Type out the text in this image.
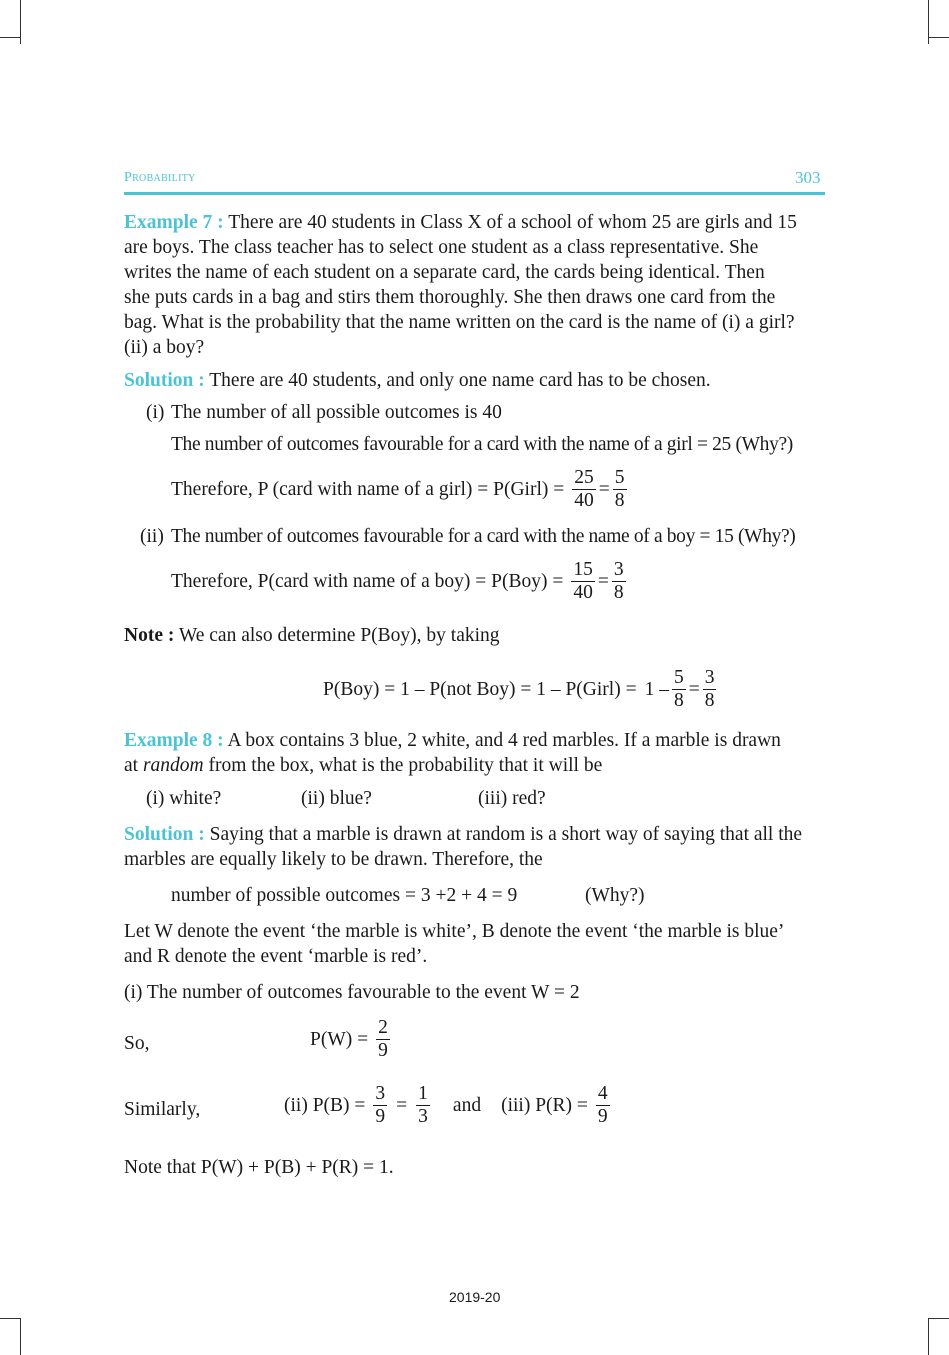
Probability	303
Example 7 : There are 40 students in Class X of a school of whom 25 are girls and 15
are boys. The class teacher has to select one student as a class representative. She
writes the name of each student on a separate card, the cards being identical. Then
she puts cards in a bag and stirs them thoroughly. She then draws one card from the
bag. What is the probability that the name written on the card is the name of (i) a girl?
(ii) a boy?
Solution : There are 40 students, and only one name card has to be chosen.
(i) The number of all possible outcomes is 40
The number of outcomes favourable for a card with the name of a girl = 25 (Why?)
Therefore, P (card with name of a girl) = P(Girl) = $\frac{25}{40} = \frac{5}{8}$
(ii) The number of outcomes favourable for a card with the name of a boy = 15 (Why?)
Therefore, P(card with name of a $boy) = P(Boy) = \frac{15}{40} = \frac{3}{8}$
Note : We can also determine P(Boy), by taking
P(Boy) = 1 – P(not Boy) = 1 – P(Girl) = $1 - \frac{5}{8} = \frac{3}{8}$
Example 8 : A box contains 3 blue, 2 white, and 4 red marbles. If a marble is drawn
at random from the box, what is the probability that it will be
(i) white?	(ii) blue?	(iii) red?
Solution : Saying that a marble is drawn at random is a short way of saying that all the
marbles are equally likely to be drawn. Therefore, the
number of possible outcomes = 3 +2 + 4 = 9	(Why?)
Let W denote the event ‘the marble is white’, B denote the event ‘the marble is blue’
and R denote the event ‘marble is red’.
(i) The number of outcomes favourable to the event W = 2
So,	$P(W) = \frac{2}{9}$
Similarly,	(ii) $P(B) = \frac{3}{9} = \frac{1}{3}$ and (iii) $P(R) = \frac{4}{9}$
Note that P(W) + P(B) + P(R) = 1.
2019-20
